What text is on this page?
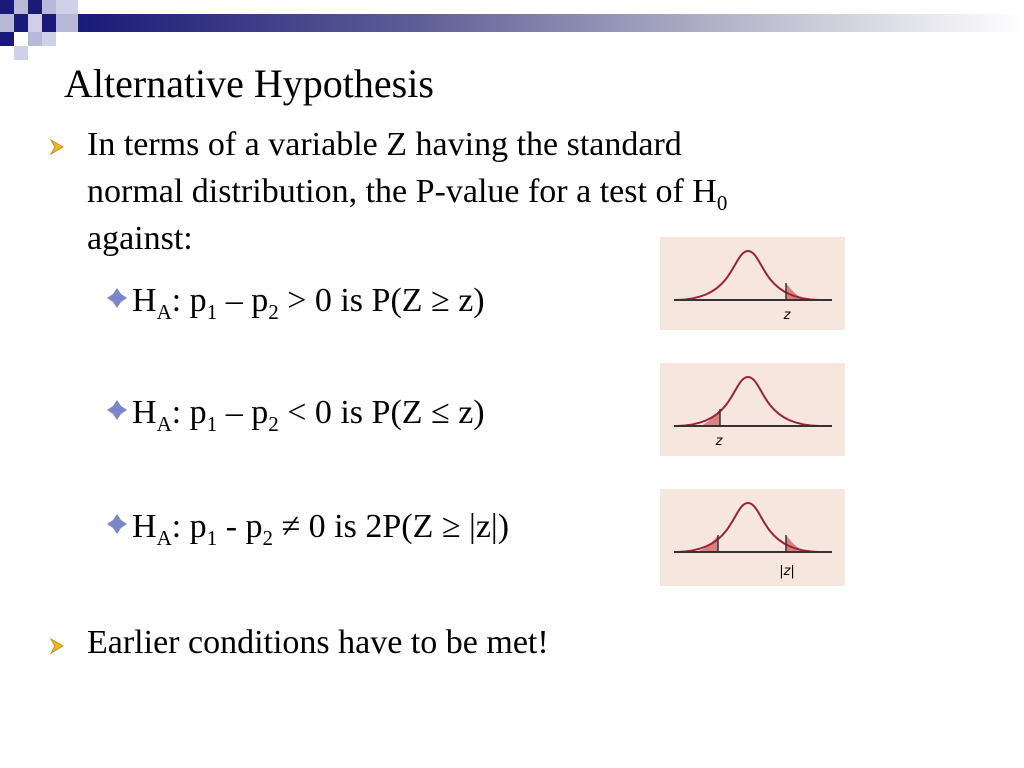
Alternative Hypothesis
In terms of a variable Z having the standard
normal distribution, the P-value for a test of $H_0$
against:
$H_A$: $p_1 - p_2 > 0$ is P(Z ≥ z)
$H_A$: $p_1 - p_2 < 0$ is P(Z ≤ z)
$H_A$: $p_1 - p_2 \ne 0$ is 2P(Z ≥ |z|)
z
z
|z|
Earlier conditions have to be met!
